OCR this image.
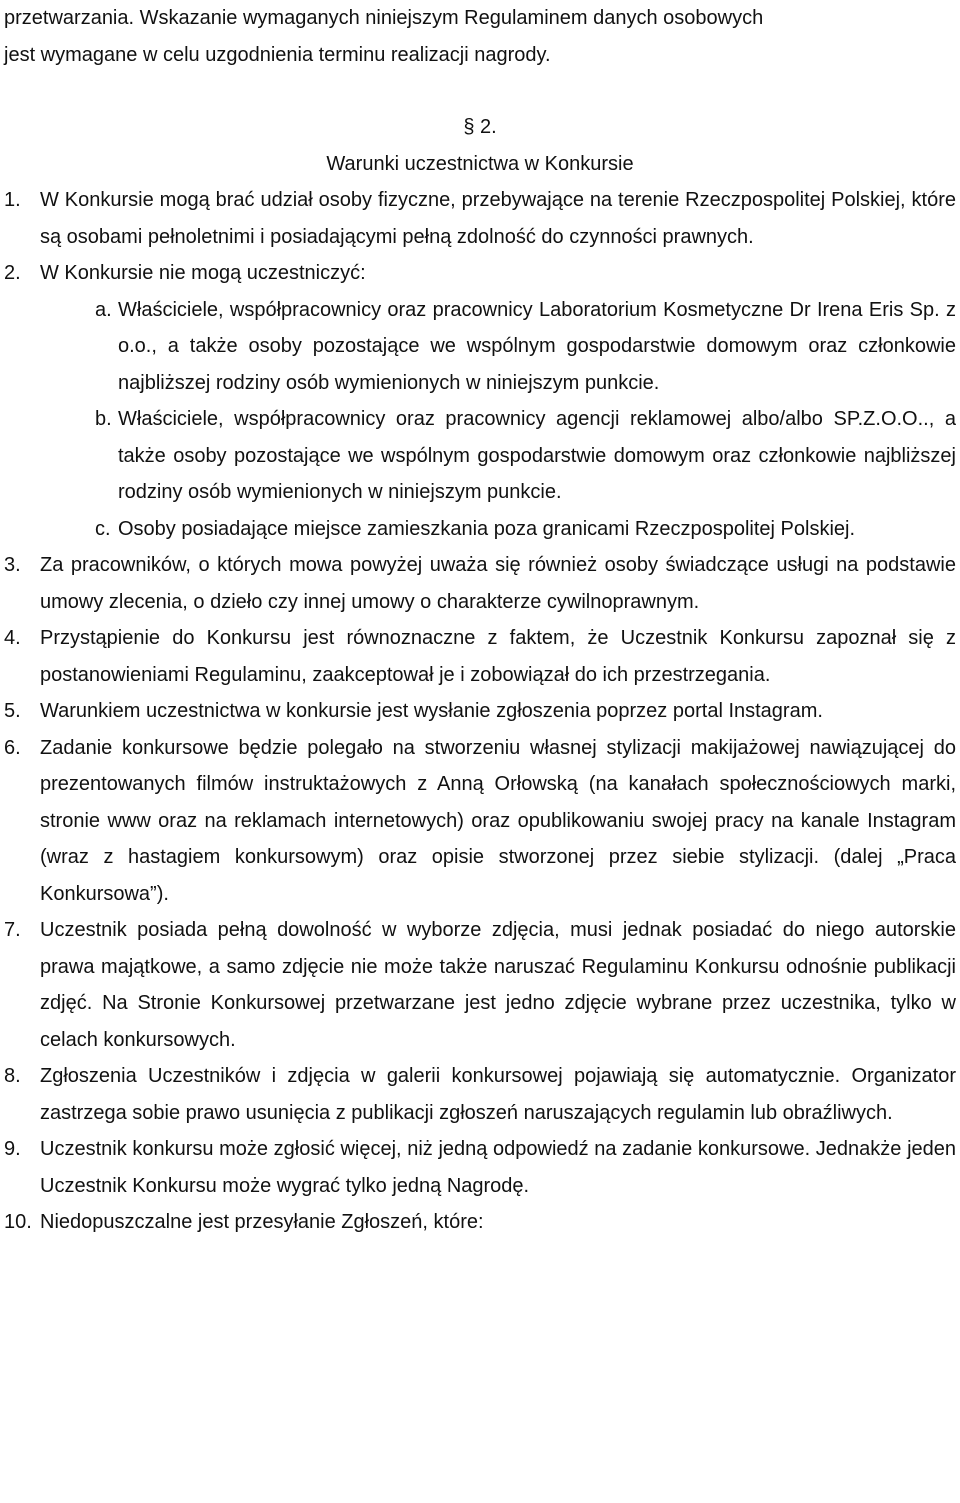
przetwarzania. Wskazanie wymaganych niniejszym Regulaminem danych osobowych
jest wymagane w celu uzgodnienia terminu realizacji nagrody.
§ 2.
Warunki uczestnictwa w Konkursie
1. W Konkursie mogą brać udział osoby fizyczne, przebywające na terenie Rzeczpospolitej Polskiej, które są osobami pełnoletnimi i posiadającymi pełną zdolność do czynności prawnych.
2. W Konkursie nie mogą uczestniczyć:
a. Właściciele, współpracownicy oraz pracownicy Laboratorium Kosmetyczne Dr Irena Eris Sp. z o.o., a także osoby pozostające we wspólnym gospodarstwie domowym oraz członkowie najbliższej rodziny osób wymienionych w niniejszym punkcie.
b. Właściciele, współpracownicy oraz pracownicy agencji reklamowej albo/albo SP.Z.O.O.., a także osoby pozostające we wspólnym gospodarstwie domowym oraz członkowie najbliższej rodziny osób wymienionych w niniejszym punkcie.
c. Osoby posiadające miejsce zamieszkania poza granicami Rzeczpospolitej Polskiej.
3. Za pracowników, o których mowa powyżej uważa się również osoby świadczące usługi na podstawie umowy zlecenia, o dzieło czy innej umowy o charakterze cywilnoprawnym.
4. Przystąpienie do Konkursu jest równoznaczne z faktem, że Uczestnik Konkursu zapoznał się z postanowieniami Regulaminu, zaakceptował je i zobowiązał do ich przestrzegania.
5. Warunkiem uczestnictwa w konkursie jest wysłanie zgłoszenia poprzez portal Instagram.
6. Zadanie konkursowe będzie polegało na stworzeniu własnej stylizacji makijażowej nawiązującej do prezentowanych filmów instruktażowych z Anną Orłowską (na kanałach społecznościowych marki, stronie www oraz na reklamach internetowych) oraz opublikowaniu swojej pracy na kanale Instagram (wraz z hastagiem konkursowym) oraz opisie stworzonej przez siebie stylizacji. (dalej „Praca Konkursowa”).
7. Uczestnik posiada pełną dowolność w wyborze zdjęcia, musi jednak posiadać do niego autorskie prawa majątkowe, a samo zdjęcie nie może także naruszać Regulaminu Konkursu odnośnie publikacji zdjęć. Na Stronie Konkursowej przetwarzane jest jedno zdjęcie wybrane przez uczestnika, tylko w celach konkursowych.
8. Zgłoszenia Uczestników i zdjęcia w galerii konkursowej pojawiają się automatycznie. Organizator zastrzega sobie prawo usunięcia z publikacji zgłoszeń naruszających regulamin lub obraźliwych.
9. Uczestnik konkursu może zgłosić więcej, niż jedną odpowiedź na zadanie konkursowe. Jednakże jeden Uczestnik Konkursu może wygrać tylko jedną Nagrodę.
10. Niedopuszczalne jest przesyłanie Zgłoszeń, które:
